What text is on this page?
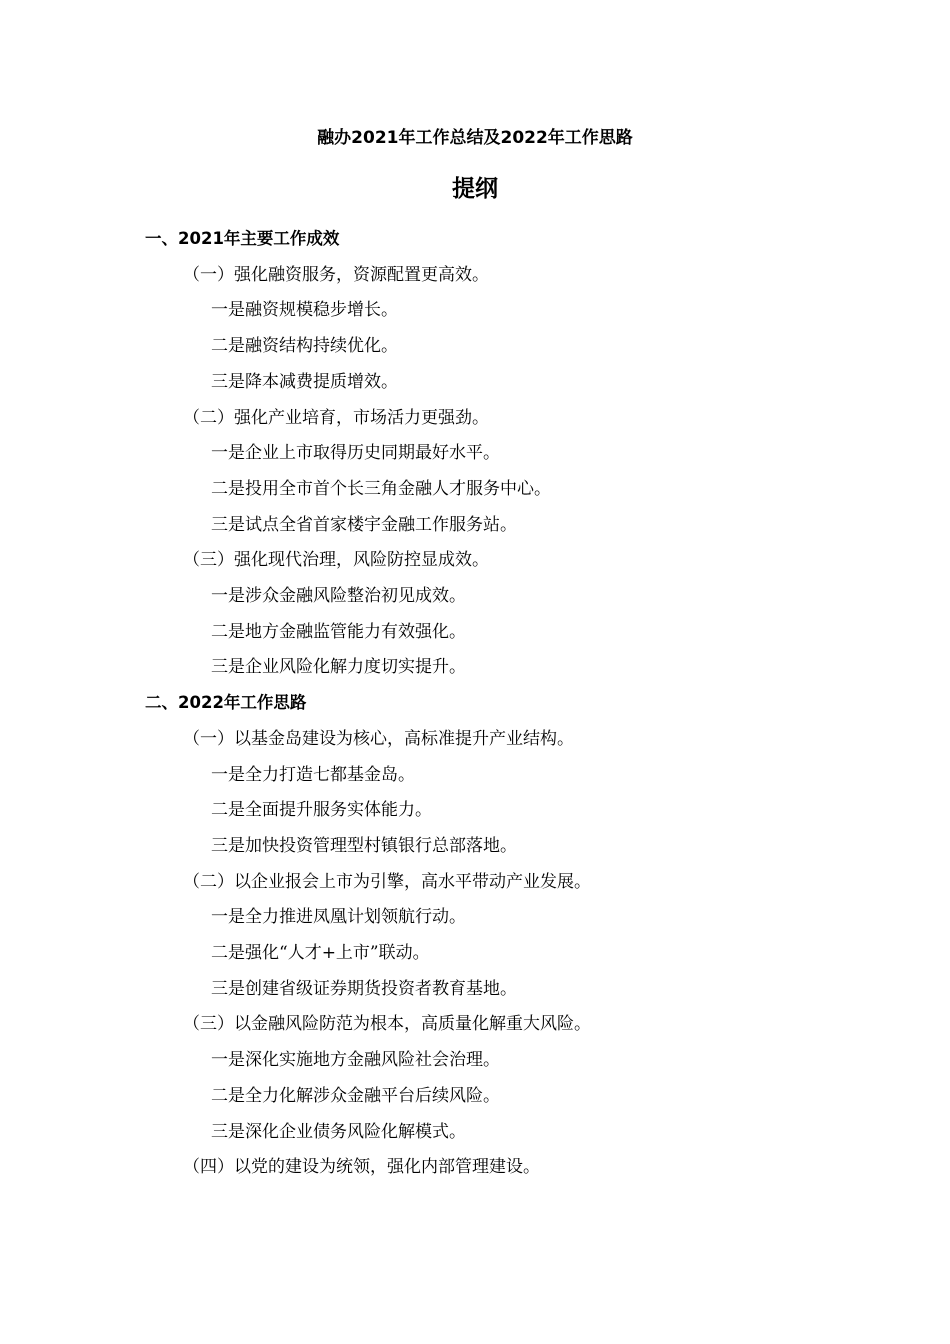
融办2021年工作总结及2022年工作思路
提纲
一、2021年主要工作成效
（一）强化融资服务，资源配置更高效。
一是融资规模稳步增长。
二是融资结构持续优化。
三是降本减费提质增效。
（二）强化产业培育，市场活力更强劲。
一是企业上市取得历史同期最好水平。
二是投用全市首个长三角金融人才服务中心。
三是试点全省首家楼宇金融工作服务站。
（三）强化现代治理，风险防控显成效。
一是涉众金融风险整治初见成效。
二是地方金融监管能力有效强化。
三是企业风险化解力度切实提升。
二、2022年工作思路
（一）以基金岛建设为核心，高标准提升产业结构。
一是全力打造七都基金岛。
二是全面提升服务实体能力。
三是加快投资管理型村镇银行总部落地。
（二）以企业报会上市为引擎，高水平带动产业发展。
一是全力推进凤凰计划领航行动。
二是强化“人才+上市”联动。
三是创建省级证券期货投资者教育基地。
（三）以金融风险防范为根本，高质量化解重大风险。
一是深化实施地方金融风险社会治理。
二是全力化解涉众金融平台后续风险。
三是深化企业债务风险化解模式。
（四）以党的建设为统领，强化内部管理建设。
